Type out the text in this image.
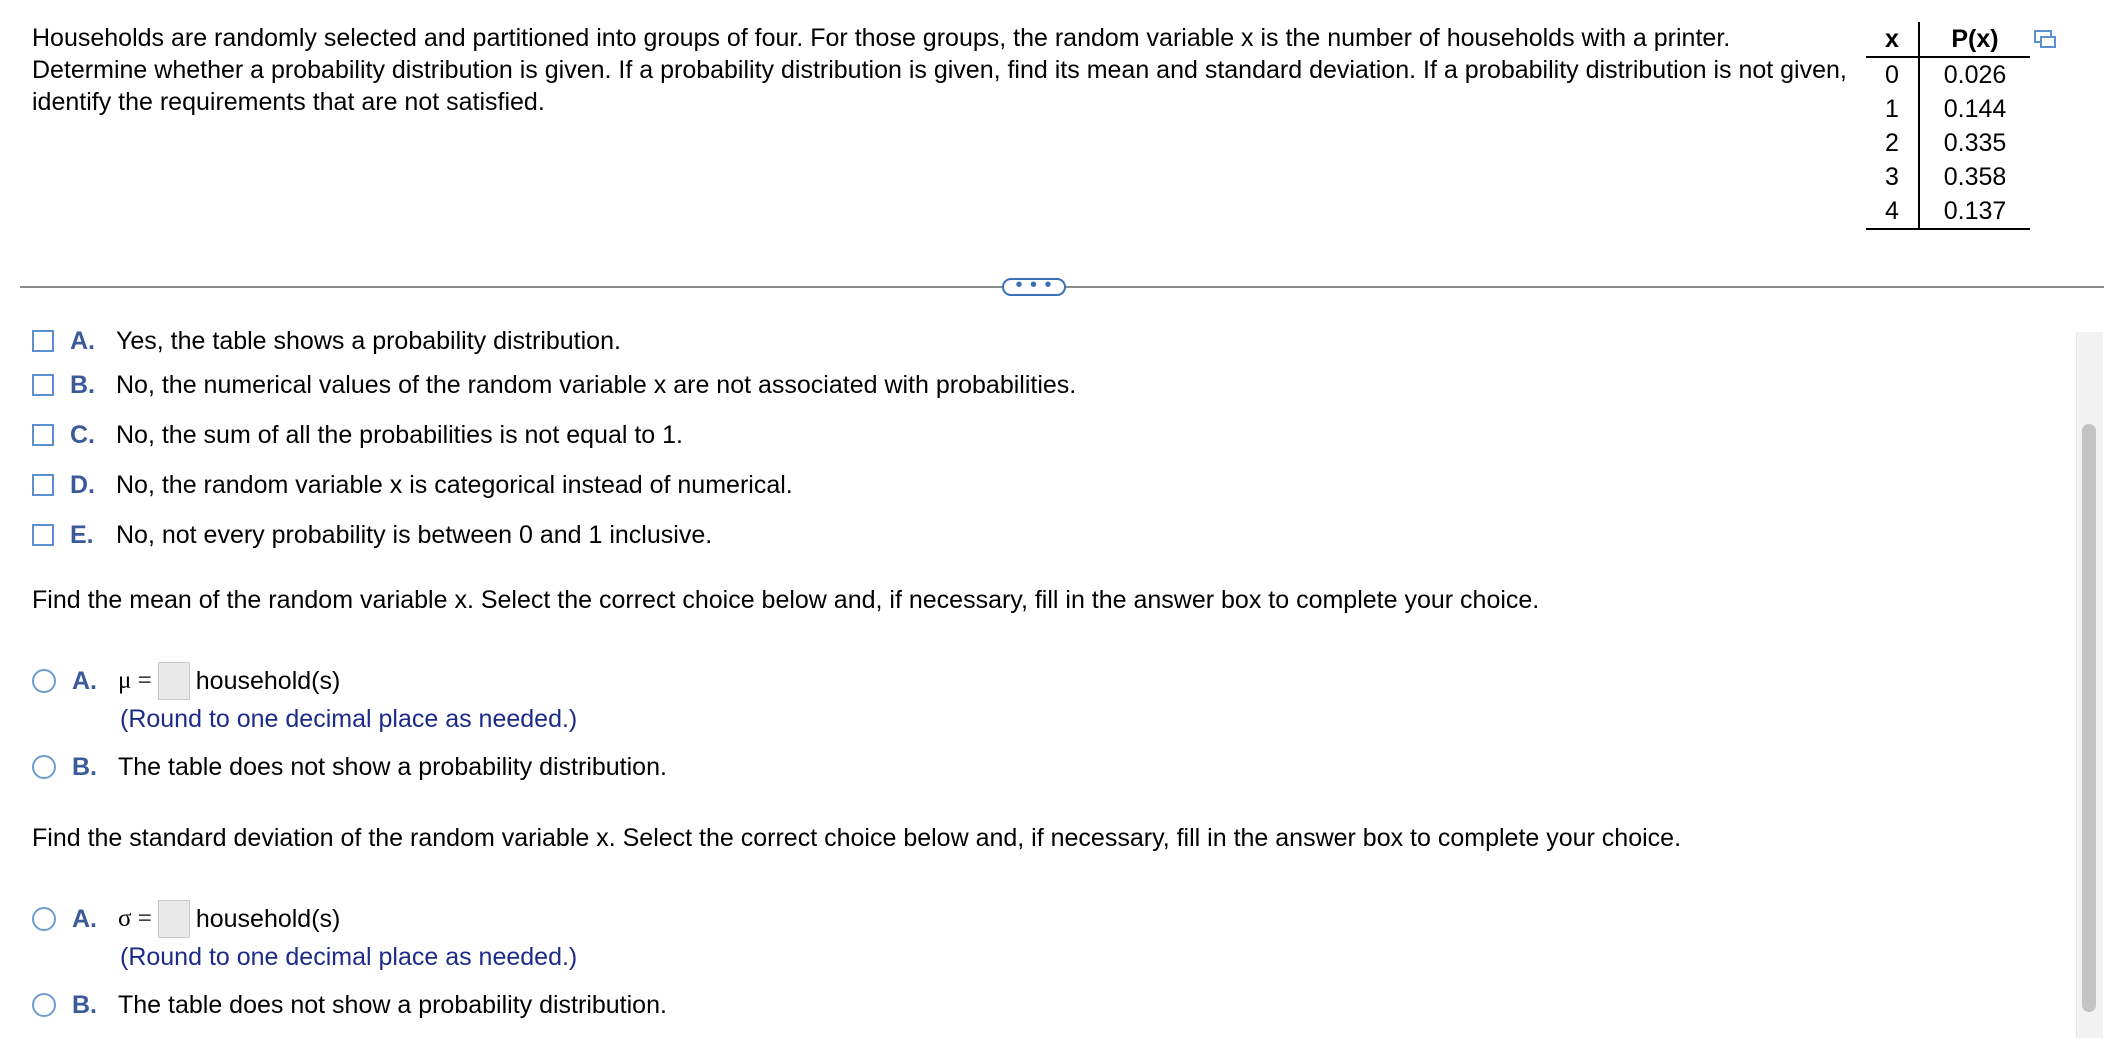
Households are randomly selected and partitioned into groups of four. For those groups, the random variable x is the number of households with a printer. Determine whether a probability distribution is given. If a probability distribution is given, find its mean and standard deviation. If a probability distribution is not given, identify the requirements that are not satisfied.
x	P(x)
0	0.026
1	0.144
2	0.335
3	0.358
4	0.137
• • •
A. Yes, the table shows a probability distribution.
B. No, the numerical values of the random variable x are not associated with probabilities.
C. No, the sum of all the probabilities is not equal to 1.
D. No, the random variable x is categorical instead of numerical.
E. No, not every probability is between 0 and 1 inclusive.
Find the mean of the random variable x. Select the correct choice below and, if necessary, fill in the answer box to complete your choice.
A. μ = household(s)
(Round to one decimal place as needed.)
B. The table does not show a probability distribution.
Find the standard deviation of the random variable x. Select the correct choice below and, if necessary, fill in the answer box to complete your choice.
A. σ = household(s)
(Round to one decimal place as needed.)
B. The table does not show a probability distribution.
